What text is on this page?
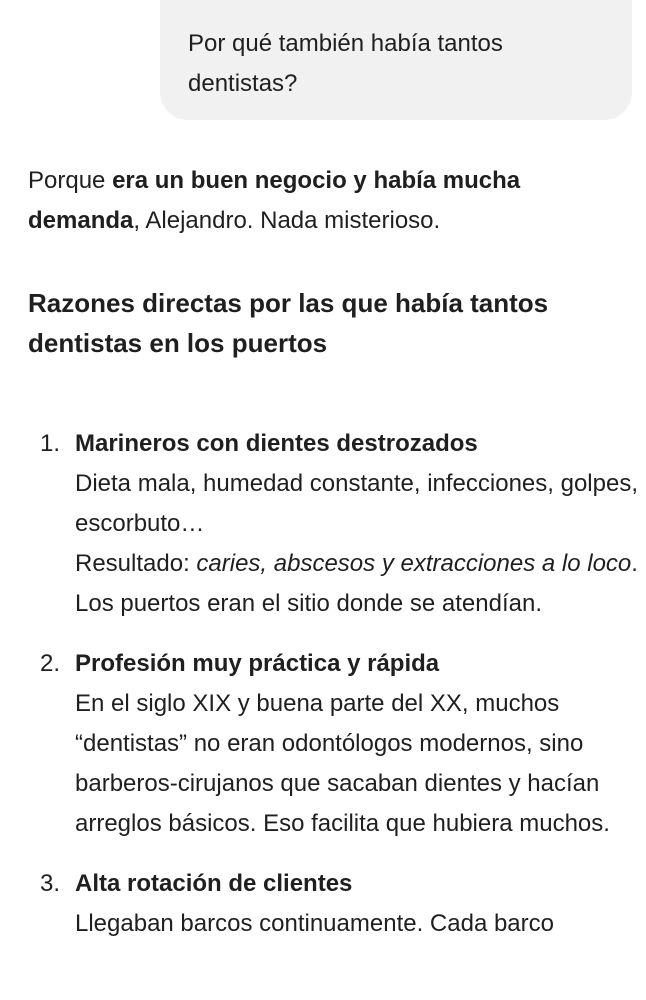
Por qué también había tantos dentistas?

Porque era un buen negocio y había mucha demanda, Alejandro. Nada misterioso.

Razones directas por las que había tantos dentistas en los puertos
1. Marineros con dientes destrozados
Dieta mala, humedad constante, infecciones, golpes, escorbuto…
Resultado: caries, abscesos y extracciones a lo loco.
Los puertos eran el sitio donde se atendían.
2. Profesión muy práctica y rápida
En el siglo XIX y buena parte del XX, muchos “dentistas” no eran odontólogos modernos, sino barberos-cirujanos que sacaban dientes y hacían arreglos básicos. Eso facilita que hubiera muchos.
3. Alta rotación de clientes
Llegaban barcos continuamente. Cada barco
